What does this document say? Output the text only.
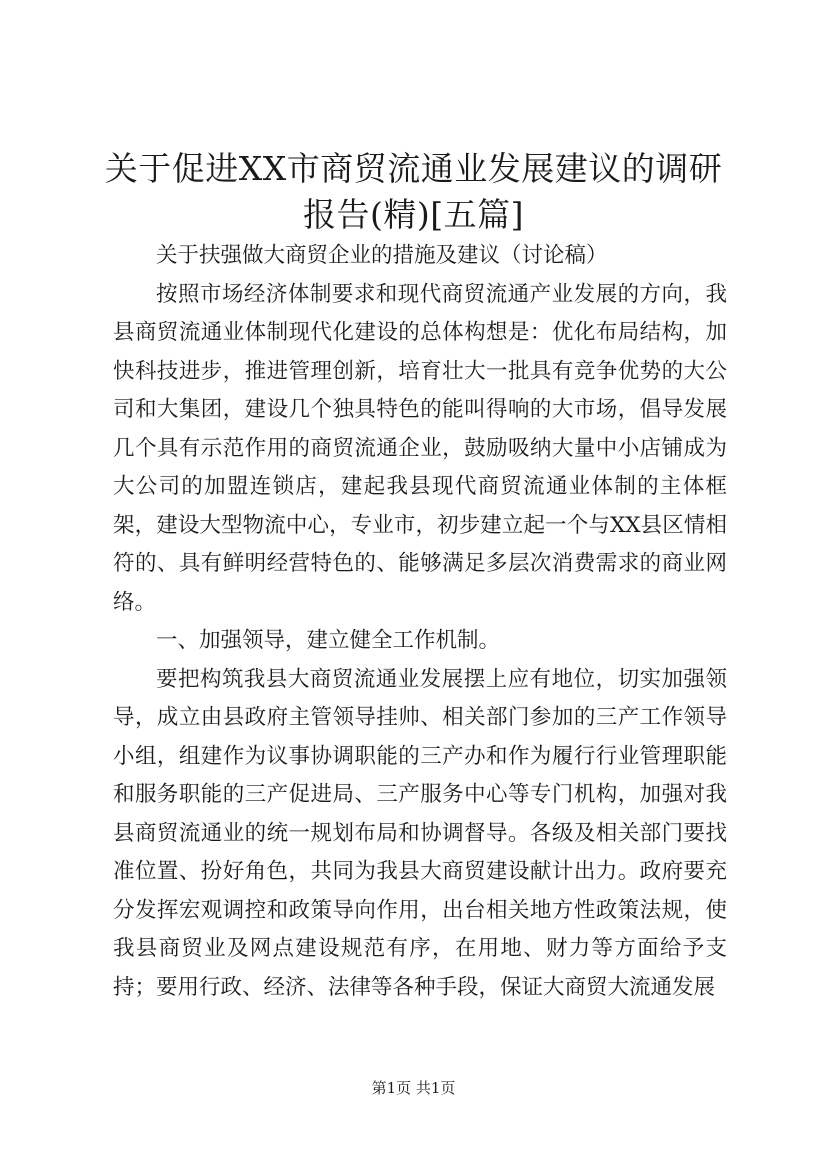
关于促进XX市商贸流通业发展建议的调研报告(精)[五篇]

关于扶强做大商贸企业的措施及建议（讨论稿）

按照市场经济体制要求和现代商贸流通产业发展的方向，我县商贸流通业体制现代化建设的总体构想是：优化布局结构，加快科技进步，推进管理创新，培育壮大一批具有竞争优势的大公司和大集团，建设几个独具特色的能叫得响的大市场，倡导发展几个具有示范作用的商贸流通企业，鼓励吸纳大量中小店铺成为大公司的加盟连锁店，建起我县现代商贸流通业体制的主体框架，建设大型物流中心，专业市，初步建立起一个与XX县区情相符的、具有鲜明经营特色的、能够满足多层次消费需求的商业网络。

一、加强领导，建立健全工作机制。

要把构筑我县大商贸流通业发展摆上应有地位，切实加强领导，成立由县政府主管领导挂帅、相关部门参加的三产工作领导小组，组建作为议事协调职能的三产办和作为履行行业管理职能和服务职能的三产促进局、三产服务中心等专门机构，加强对我县商贸流通业的统一规划布局和协调督导。各级及相关部门要找准位置、扮好角色，共同为我县大商贸建设献计出力。政府要充分发挥宏观调控和政策导向作用，出台相关地方性政策法规，使我县商贸业及网点建设规范有序，在用地、财力等方面给予支持；要用行政、经济、法律等各种手段，保证大商贸大流通发展

第1页 共1页
